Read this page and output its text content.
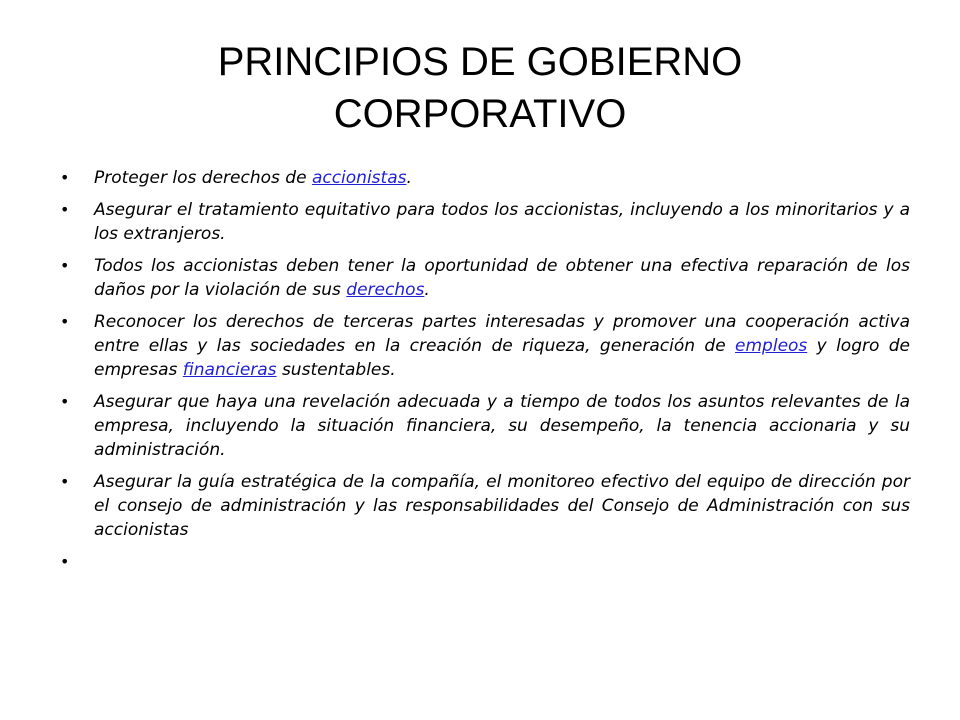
PRINCIPIOS DE GOBIERNO CORPORATIVO
• Proteger los derechos de accionistas.
• Asegurar el tratamiento equitativo para todos los accionistas, incluyendo a los minoritarios y a los extranjeros.
• Todos los accionistas deben tener la oportunidad de obtener una efectiva reparación de los daños por la violación de sus derechos.
• Reconocer los derechos de terceras partes interesadas y promover una cooperación activa entre ellas y las sociedades en la creación de riqueza, generación de empleos y logro de empresas financieras sustentables.
• Asegurar que haya una revelación adecuada y a tiempo de todos los asuntos relevantes de la empresa, incluyendo la situación financiera, su desempeño, la tenencia accionaria y su administración.
• Asegurar la guía estratégica de la compañía, el monitoreo efectivo del equipo de dirección por el consejo de administración y las responsabilidades del Consejo de Administración con sus accionistas
•
